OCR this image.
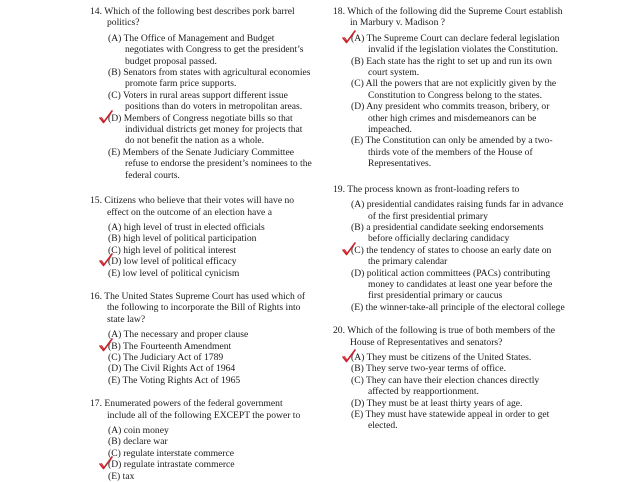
14. Which of the following best describes pork barrel politics?
(A) The Office of Management and Budget negotiates with Congress to get the president’s budget proposal passed.
(B) Senators from states with agricultural economies promote farm price supports.
(C) Voters in rural areas support different issue positions than do voters in metropolitan areas.
(D) Members of Congress negotiate bills so that individual districts get money for projects that do not benefit the nation as a whole.
(E) Members of the Senate Judiciary Committee refuse to endorse the president’s nominees to the federal courts.
15. Citizens who believe that their votes will have no effect on the outcome of an election have a
(A) high level of trust in elected officials
(B) high level of political participation
(C) high level of political interest
(D) low level of political efficacy
(E) low level of political cynicism
16. The United States Supreme Court has used which of the following to incorporate the Bill of Rights into state law?
(A) The necessary and proper clause
(B) The Fourteenth Amendment
(C) The Judiciary Act of 1789
(D) The Civil Rights Act of 1964
(E) The Voting Rights Act of 1965
17. Enumerated powers of the federal government include all of the following EXCEPT the power to
(A) coin money
(B) declare war
(C) regulate interstate commerce
(D) regulate intrastate commerce
(E) tax
18. Which of the following did the Supreme Court establish in Marbury v. Madison ?
(A) The Supreme Court can declare federal legislation invalid if the legislation violates the Constitution.
(B) Each state has the right to set up and run its own court system.
(C) All the powers that are not explicitly given by the Constitution to Congress belong to the states.
(D) Any president who commits treason, bribery, or other high crimes and misdemeanors can be impeached.
(E) The Constitution can only be amended by a two-thirds vote of the members of the House of Representatives.
19. The process known as front-loading refers to
(A) presidential candidates raising funds far in advance of the first presidential primary
(B) a presidential candidate seeking endorsements before officially declaring candidacy
(C) the tendency of states to choose an early date on the primary calendar
(D) political action committees (PACs) contributing money to candidates at least one year before the first presidential primary or caucus
(E) the winner-take-all principle of the electoral college
20. Which of the following is true of both members of the House of Representatives and senators?
(A) They must be citizens of the United States.
(B) They serve two-year terms of office.
(C) They can have their election chances directly affected by reapportionment.
(D) They must be at least thirty years of age.
(E) They must have statewide appeal in order to get elected.
